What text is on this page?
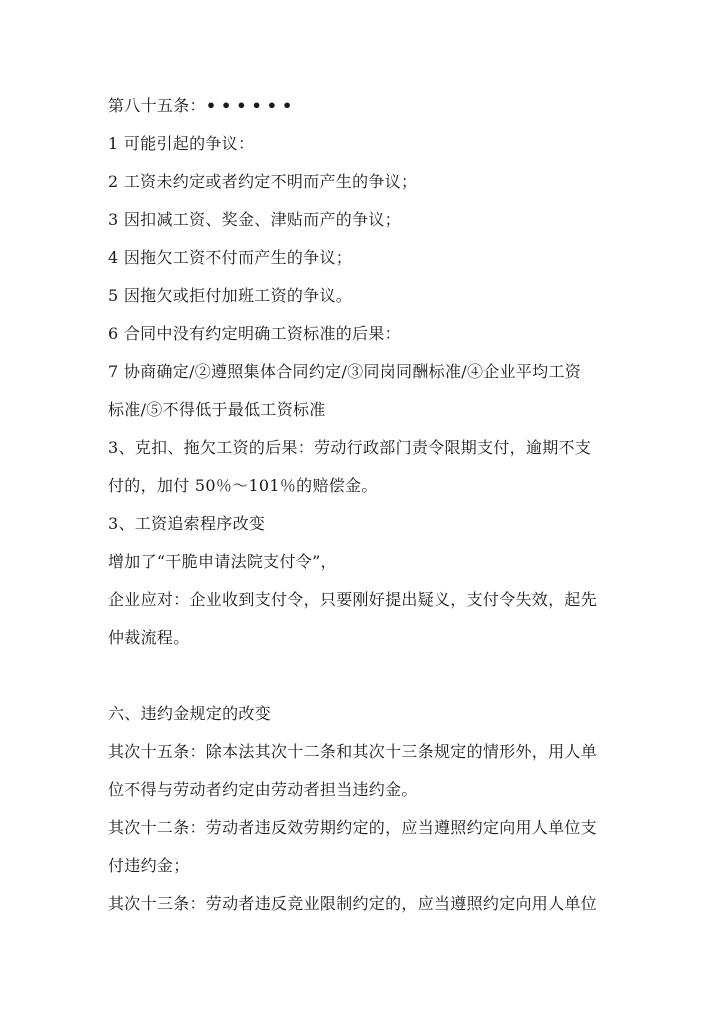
第八十五条：••••••
1 可能引起的争议：
2 工资未约定或者约定不明而产生的争议；
3 因扣减工资、奖金、津贴而产的争议；
4 因拖欠工资不付而产生的争议；
5 因拖欠或拒付加班工资的争议。
6 合同中没有约定明确工资标准的后果：
7 协商确定/②遵照集体合同约定/③同岗同酬标准/④企业平均工资
标准/⑤不得低于最低工资标准
3、克扣、拖欠工资的后果：劳动行政部门责令限期支付，逾期不支
付的，加付 50％～101％的赔偿金。
3、工资追索程序改变
增加了“干脆申请法院支付令”，
企业应对：企业收到支付令，只要刚好提出疑义，支付令失效，起先
仲裁流程。
六、违约金规定的改变
其次十五条：除本法其次十二条和其次十三条规定的情形外，用人单
位不得与劳动者约定由劳动者担当违约金。
其次十二条：劳动者违反效劳期约定的，应当遵照约定向用人单位支
付违约金；
其次十三条：劳动者违反竞业限制约定的，应当遵照约定向用人单位
